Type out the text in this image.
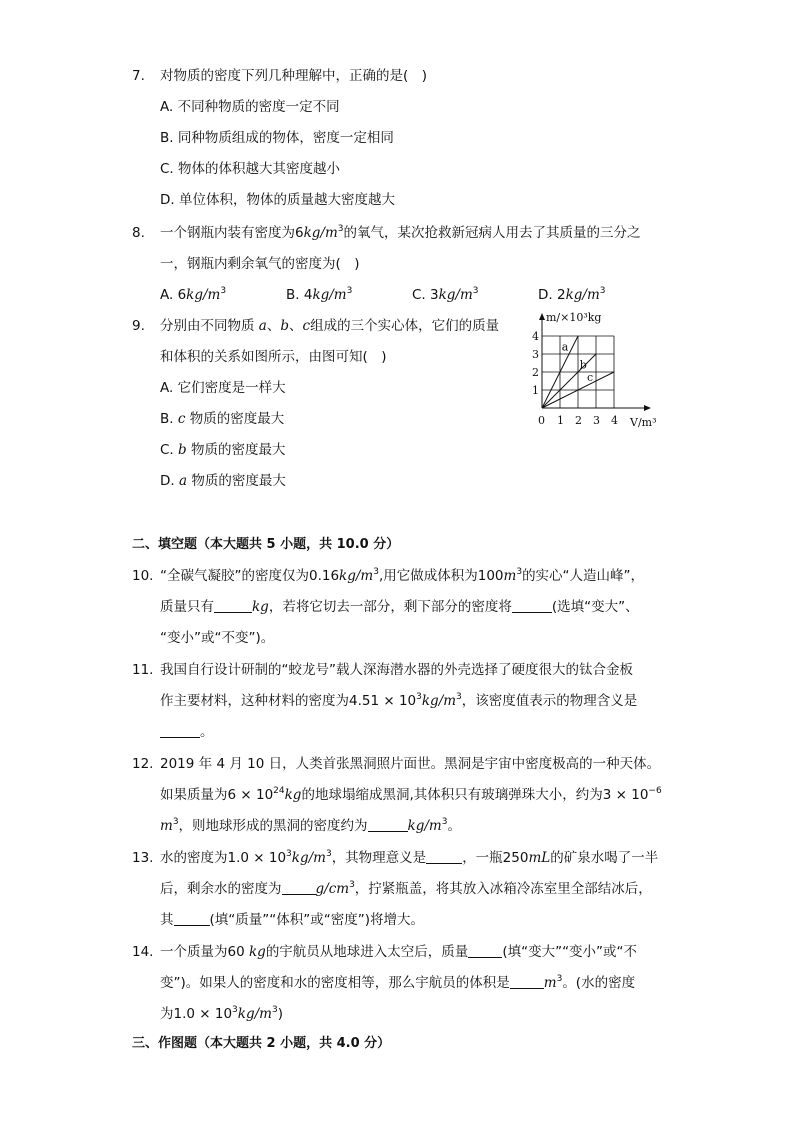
7. 对物质的密度下列几种理解中，正确的是(　)
A. 不同种物质的密度一定不同
B. 同种物质组成的物体，密度一定相同
C. 物体的体积越大其密度越小
D. 单位体积，物体的质量越大密度越大
8. 一个钢瓶内装有密度为$6kg/m^3$的氧气，某次抢救新冠病人用去了其质量的三分之
一，钢瓶内剩余氧气的密度为(　)
A. $6kg/m^3$	B. $4kg/m^3$	C. $3kg/m^3$	D. $2kg/m^3$
9. 分别由不同物质 a、b、c组成的三个实心体，它们的质量
和体积的关系如图所示，由图可知(　)
A. 它们密度是一样大
B. c 物质的密度最大
C. b 物质的密度最大
D. a 物质的密度最大
m/×10³kg
1
2
3
4
1 2 3 4
0	V/m³
a
b
c
二、填空题（本大题共 5 小题，共 10.0 分）
10. “全碳气凝胶”的密度仅为$0.16kg/m^3$,用它做成体积为$100m^3$的实心“人造山峰”，
质量只有	kg，若将它切去一部分，剩下部分的密度将	(选填“变大”、
“变小”或“不变”)。
11. 我国自行设计研制的“蛟龙号”载人深海潜水器的外壳选择了硬度很大的钛合金板
作主要材料，这种材料的密度为$4.51 \times 10^3kg/m^3$，该密度值表示的物理含义是
。
12. 2019 年 4 月 10 日，人类首张黑洞照片面世。黑洞是宇宙中密度极高的一种天体。
如果质量为$6 \times 10^{24}kg$的地球塌缩成黑洞,其体积只有玻璃弹珠大小，约为$3 \times 10^{-6}$
$m^3$，则地球形成的黑洞的密度约为	$kg/m^3$。
13. 水的密度为$1.0 \times 10^3kg/m^3$，其物理意义是	，一瓶250mL的矿泉水喝了一半
后，剩余水的密度为	$g/cm^3$，拧紧瓶盖，将其放入冰箱冷冻室里全部结冰后，
其	(填“质量”“体积”或“密度”)将增大。
14. 一个质量为60 kg的宇航员从地球进入太空后，质量	(填“变大”“变小”或“不
变”)。如果人的密度和水的密度相等，那么宇航员的体积是	$m^3$。(水的密度
为$1.0 \times 10^3kg/m^3$)
三、作图题（本大题共 2 小题，共 4.0 分）
